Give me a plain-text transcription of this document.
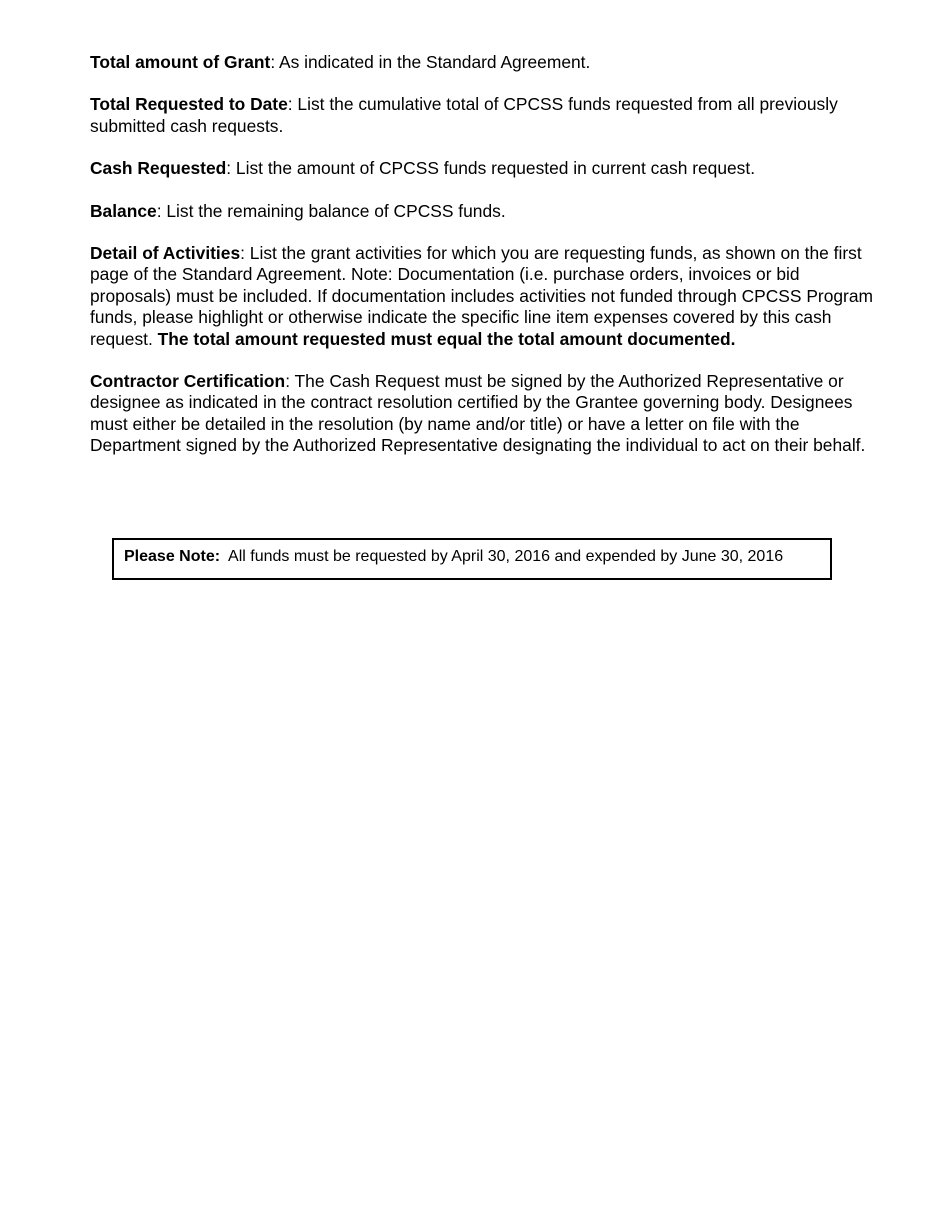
Total amount of Grant: As indicated in the Standard Agreement.

Total Requested to Date: List the cumulative total of CPCSS funds requested from all previously submitted cash requests.

Cash Requested: List the amount of CPCSS funds requested in current cash request.

Balance: List the remaining balance of CPCSS funds.

Detail of Activities: List the grant activities for which you are requesting funds, as shown on the first page of the Standard Agreement. Note: Documentation (i.e. purchase orders, invoices or bid proposals) must be included. If documentation includes activities not funded through CPCSS Program funds, please highlight or otherwise indicate the specific line item expenses covered by this cash request. The total amount requested must equal the total amount documented.

Contractor Certification: The Cash Request must be signed by the Authorized Representative or designee as indicated in the contract resolution certified by the Grantee governing body. Designees must either be detailed in the resolution (by name and/or title) or have a letter on file with the Department signed by the Authorized Representative designating the individual to act on their behalf.

Please Note:  All funds must be requested by April 30, 2016 and expended by June 30, 2016
